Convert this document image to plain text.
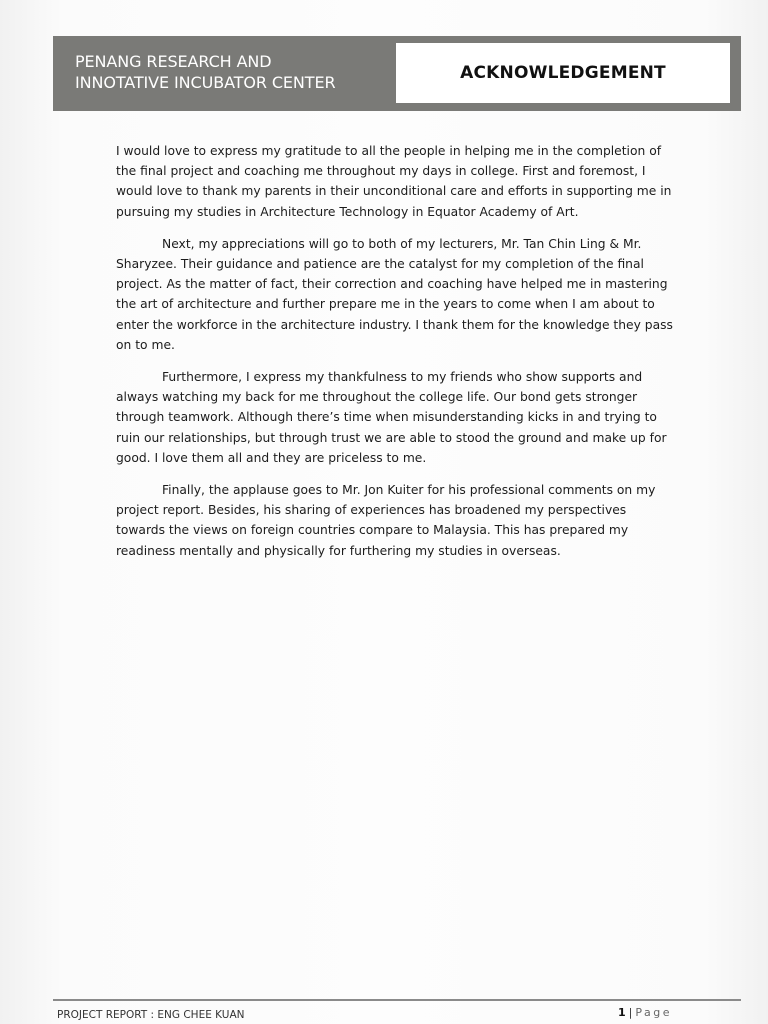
PENANG RESEARCH AND
INNOTATIVE INCUBATOR CENTER	ACKNOWLEDGEMENT

I would love to express my gratitude to all the people in helping me in the completion of the final project and coaching me throughout my days in college. First and foremost, I would love to thank my parents in their unconditional care and efforts in supporting me in pursuing my studies in Architecture Technology in Equator Academy of Art.

Next, my appreciations will go to both of my lecturers, Mr. Tan Chin Ling & Mr. Sharyzee. Their guidance and patience are the catalyst for my completion of the final project. As the matter of fact, their correction and coaching have helped me in mastering the art of architecture and further prepare me in the years to come when I am about to enter the workforce in the architecture industry. I thank them for the knowledge they pass on to me.

Furthermore, I express my thankfulness to my friends who show supports and always watching my back for me throughout the college life. Our bond gets stronger through teamwork. Although there’s time when misunderstanding kicks in and trying to ruin our relationships, but through trust we are able to stood the ground and make up for good. I love them all and they are priceless to me.

Finally, the applause goes to Mr. Jon Kuiter for his professional comments on my project report. Besides, his sharing of experiences has broadened my perspectives towards the views on foreign countries compare to Malaysia. This has prepared my readiness mentally and physically for furthering my studies in overseas.

PROJECT REPORT : ENG CHEE KUAN	1 | Page
